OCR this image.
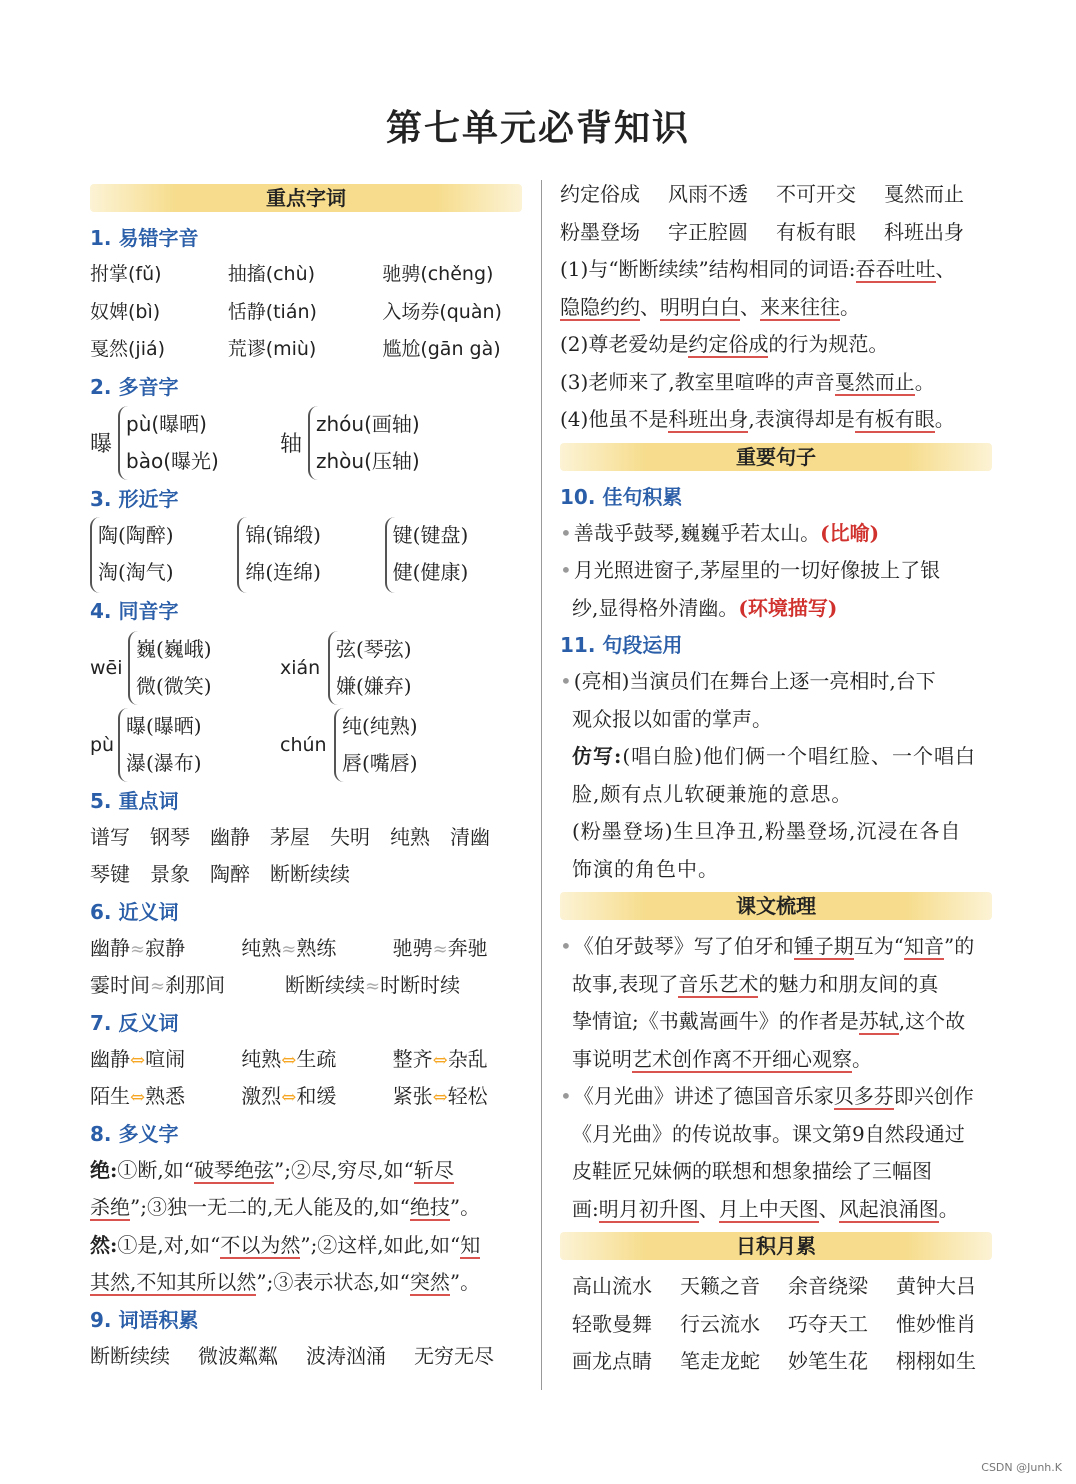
第七单元必背知识
重点字词
1. 易错字音
拊掌(fǔ)	抽搐(chù)	驰骋(chěng)
奴婢(bì)	恬静(tián)	入场券(quàn)
戛然(jiá)	荒谬(miù)	尴尬(gān gà)
2. 多音字
曝
pù(曝晒)
bào(曝光)
轴
zhóu(画轴)
zhòu(压轴)
3. 形近字
陶(陶醉)
淘(淘气)
锦(锦缎)
绵(连绵)
键(键盘)
健(健康)
4. 同音字
wēi
巍(巍峨)
微(微笑)
xián
弦(琴弦)
嫌(嫌弃)
pù
曝(曝晒)
瀑(瀑布)
chún
纯(纯熟)
唇(嘴唇)
5. 重点词
谱写 钢琴 幽静 茅屋 失明 纯熟 清幽
琴键 景象 陶醉 断断续续
6. 近义词
幽静≈寂静	纯熟≈熟练	驰骋≈奔驰
霎时间≈刹那间	断断续续≈时断时续
7. 反义词
幽静⇔喧闹	纯熟⇔生疏	整齐⇔杂乱
陌生⇔熟悉	激烈⇔和缓	紧张⇔轻松
8. 多义字
绝:①断,如“破琴绝弦”;②尽,穷尽,如“斩尽
杀绝”;③独一无二的,无人能及的,如“绝技”。
然:①是,对,如“不以为然”;②这样,如此,如“知
其然,不知其所以然”;③表示状态,如“突然”。
9. 词语积累
断断续续	微波粼粼	波涛汹涌	无穷无尽
约定俗成	风雨不透	不可开交	戛然而止
粉墨登场	字正腔圆	有板有眼	科班出身
(1)与“断断续续”结构相同的词语:吞吞吐吐、
隐隐约约、明明白白、来来往往。
(2)尊老爱幼是约定俗成的行为规范。
(3)老师来了,教室里喧哗的声音戛然而止。
(4)他虽不是科班出身,表演得却是有板有眼。
重要句子
10. 佳句积累
• 善哉乎鼓琴,巍巍乎若太山。(比喻)
• 月光照进窗子,茅屋里的一切好像披上了银
纱,显得格外清幽。(环境描写)
11. 句段运用
• (亮相)当演员们在舞台上逐一亮相时,台下
观众报以如雷的掌声。
仿写:(唱白脸)他们俩一个唱红脸、一个唱白
脸,颇有点儿软硬兼施的意思。
(粉墨登场)生旦净丑,粉墨登场,沉浸在各自
饰演的角色中。
课文梳理
• 《伯牙鼓琴》写了伯牙和锺子期互为“知音”的
故事,表现了音乐艺术的魅力和朋友间的真
挚情谊;《书戴嵩画牛》的作者是苏轼,这个故
事说明艺术创作离不开细心观察。
• 《月光曲》讲述了德国音乐家贝多芬即兴创作
《月光曲》的传说故事。课文第9自然段通过
皮鞋匠兄妹俩的联想和想象描绘了三幅图
画:明月初升图、月上中天图、风起浪涌图。
日积月累
高山流水	天籁之音	余音绕梁	黄钟大吕
轻歌曼舞	行云流水	巧夺天工	惟妙惟肖
画龙点睛	笔走龙蛇	妙笔生花	栩栩如生
CSDN @Junh.K
